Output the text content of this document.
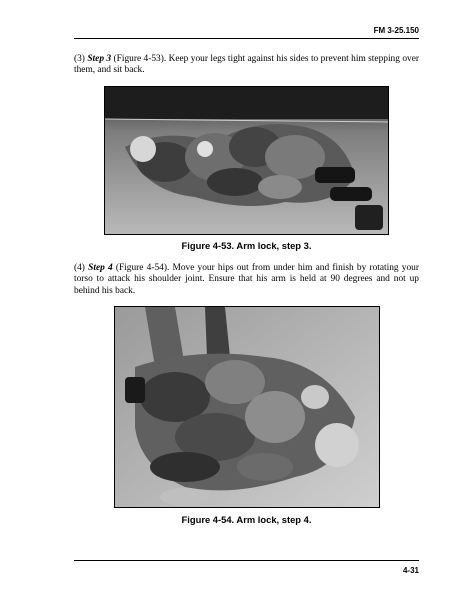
FM 3-25.150

(3) Step 3 (Figure 4-53). Keep your legs tight against his sides to prevent him stepping over them, and sit back.

Figure 4-53. Arm lock, step 3.

(4) Step 4 (Figure 4-54). Move your hips out from under him and finish by rotating your torso to attack his shoulder joint. Ensure that his arm is held at 90 degrees and not up behind his back.

Figure 4-54. Arm lock, step 4.
4-31
